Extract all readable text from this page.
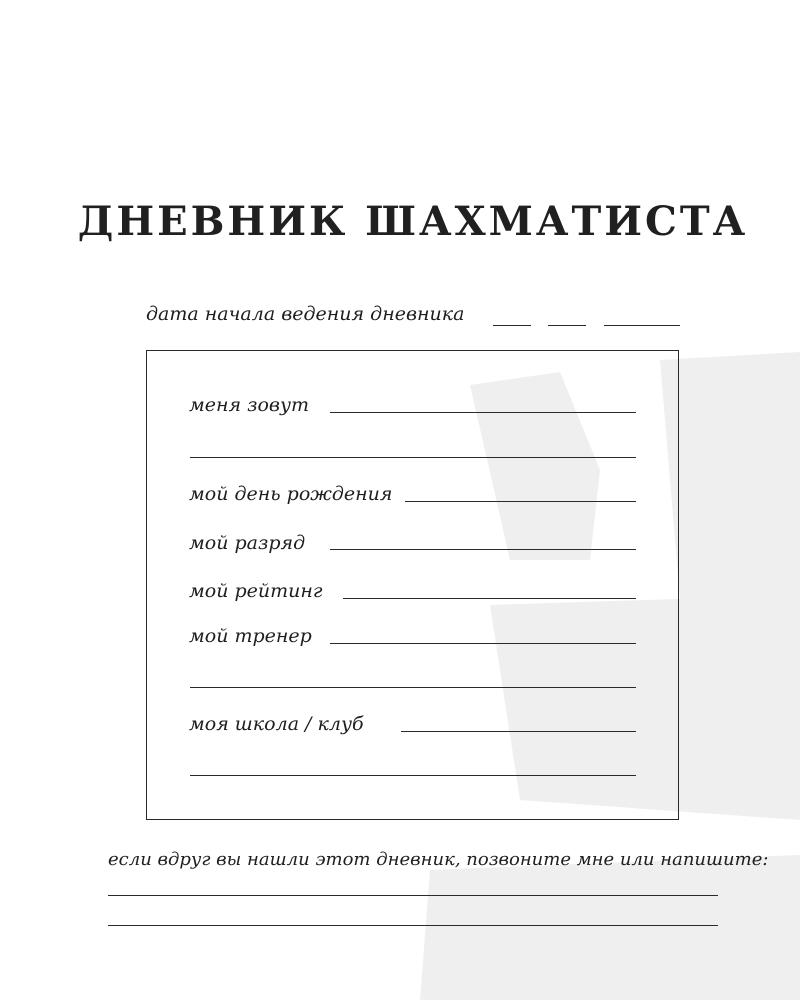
ДНЕВНИК ШАХМАТИСТА
дата начала ведения дневника
меня зовут
мой день рождения
мой разряд
мой рейтинг
мой тренер
моя школа / клуб
если вдруг вы нашли этот дневник, позвоните мне или напишите:
